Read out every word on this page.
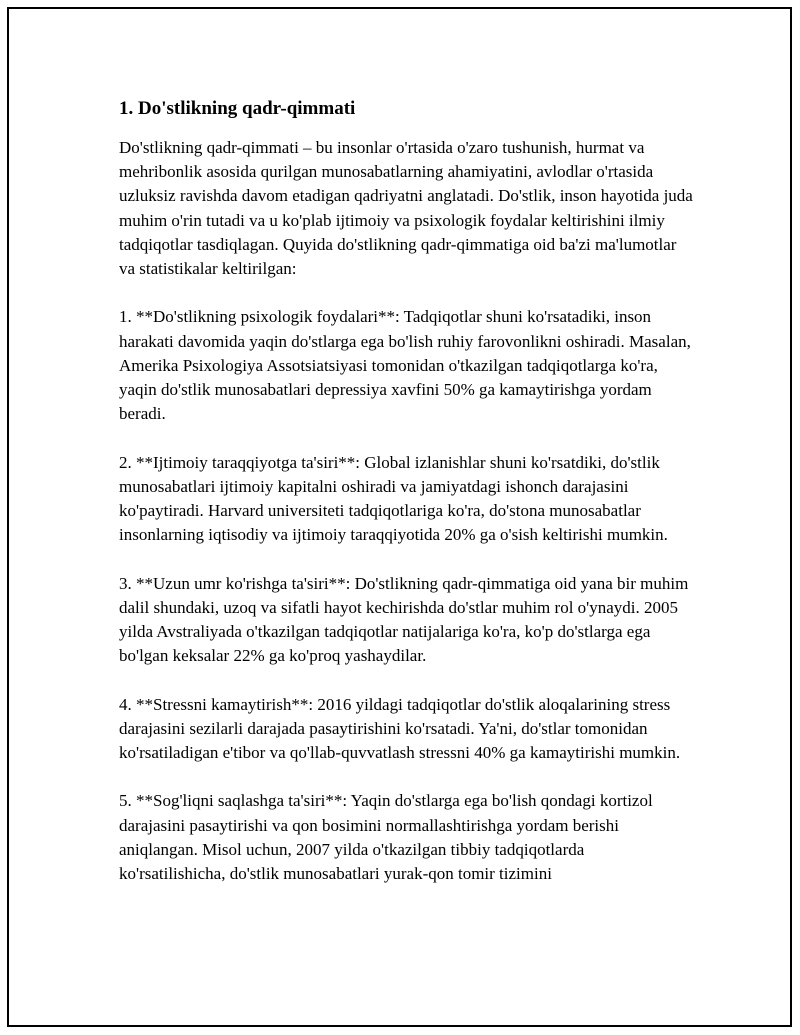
1. Do'stlikning qadr-qimmati

Do'stlikning qadr-qimmati – bu insonlar o'rtasida o'zaro tushunish, hurmat va mehribonlik asosida qurilgan munosabatlarning ahamiyatini, avlodlar o'rtasida uzluksiz ravishda davom etadigan qadriyatni anglatadi. Do'stlik, inson hayotida juda muhim o'rin tutadi va u ko'plab ijtimoiy va psixologik foydalar keltirishini ilmiy tadqiqotlar tasdiqlagan. Quyida do'stlikning qadr-qimmatiga oid ba'zi ma'lumotlar va statistikalar keltirilgan:

1. **Do'stlikning psixologik foydalari**: Tadqiqotlar shuni ko'rsatadiki, inson harakati davomida yaqin do'stlarga ega bo'lish ruhiy farovonlikni oshiradi. Masalan, Amerika Psixologiya Assotsiatsiyasi tomonidan o'tkazilgan tadqiqotlarga ko'ra, yaqin do'stlik munosabatlari depressiya xavfini 50% ga kamaytirishga yordam beradi.

2. **Ijtimoiy taraqqiyotga ta'siri**: Global izlanishlar shuni ko'rsatdiki, do'stlik munosabatlari ijtimoiy kapitalni oshiradi va jamiyatdagi ishonch darajasini ko'paytiradi. Harvard universiteti tadqiqotlariga ko'ra, do'stona munosabatlar insonlarning iqtisodiy va ijtimoiy taraqqiyotida 20% ga o'sish keltirishi mumkin.

3. **Uzun umr ko'rishga ta'siri**: Do'stlikning qadr-qimmatiga oid yana bir muhim dalil shundaki, uzoq va sifatli hayot kechirishda do'stlar muhim rol o'ynaydi. 2005 yilda Avstraliyada o'tkazilgan tadqiqotlar natijalariga ko'ra, ko'p do'stlarga ega bo'lgan keksalar 22% ga ko'proq yashaydilar.

4. **Stressni kamaytirish**: 2016 yildagi tadqiqotlar do'stlik aloqalarining stress darajasini sezilarli darajada pasaytirishini ko'rsatadi. Ya'ni, do'stlar tomonidan ko'rsatiladigan e'tibor va qo'llab-quvvatlash stressni 40% ga kamaytirishi mumkin.

5. **Sog'liqni saqlashga ta'siri**: Yaqin do'stlarga ega bo'lish qondagi kortizol darajasini pasaytirishi va qon bosimini normallashtirishga yordam berishi aniqlangan. Misol uchun, 2007 yilda o'tkazilgan tibbiy tadqiqotlarda ko'rsatilishicha, do'stlik munosabatlari yurak-qon tomir tizimini
